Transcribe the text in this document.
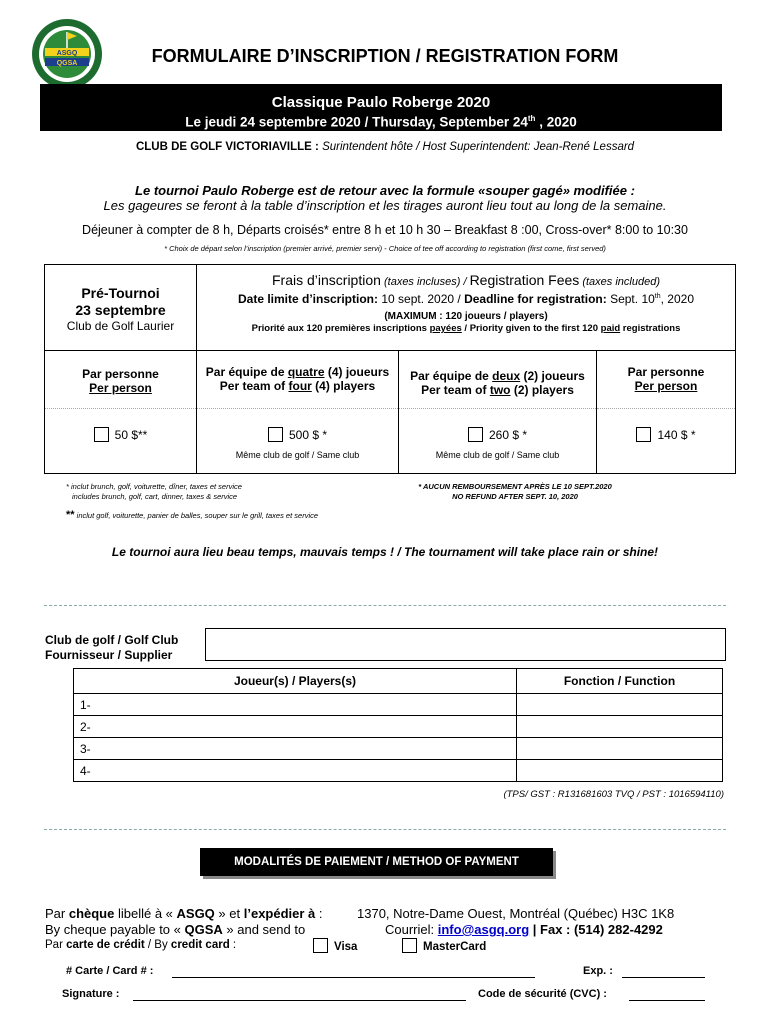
ASGQ
QGSA	FORMULAIRE D’INSCRIPTION / REGISTRATION FORM
Classique Paulo Roberge 2020
Le jeudi 24 septembre 2020 / Thursday, September 24th , 2020
CLUB DE GOLF VICTORIAVILLE : Surintendent hôte / Host Superintendent: Jean-René Lessard
Le tournoi Paulo Roberge est de retour avec la formule «souper gagé» modifiée :
Les gageures se feront à la table d’inscription et les tirages auront lieu tout au long de la semaine.
Déjeuner à compter de 8 h, Départs croisés* entre 8 h et 10 h 30 – Breakfast 8 :00, Cross-over* 8:00 to 10:30
* Choix de départ selon l’inscription (premier arrivé, premier servi) - Choice of tee off according to registration (first come, first served)
Pré-Tournoi
23 septembre
Club de Golf Laurier
Frais d’inscription (taxes incluses) / Registration Fees (taxes included)
Date limite d’inscription: 10 sept. 2020 / Deadline for registration: Sept. 10th, 2020
(MAXIMUM : 120 joueurs / players)
Priorité aux 120 premières inscriptions payées / Priority given to the first 120 paid registrations
Par personne
Per person
50 $**
Par équipe de quatre (4) joueurs
Per team of four (4) players
500 $ *
Même club de golf / Same club
Par équipe de deux (2) joueurs
Per team of two (2) players
260 $ *
Même club de golf / Same club
Par personne
Per person
140 $ *
* inclut brunch, golf, voiturette, dîner, taxes et service
includes brunch, golf, cart, dinner, taxes & service
* AUCUN REMBOURSEMENT APRÈS LE 10 SEPT.2020
NO REFUND AFTER SEPT. 10, 2020
** inclut golf, voiturette, panier de balles, souper sur le grill, taxes et service
Le tournoi aura lieu beau temps, mauvais temps ! / The tournament will take place rain or shine!
Club de golf / Golf Club
Fournisseur / Supplier
Joueur(s) / Players(s)	Fonction / Function
1-	
2-	
3-	
4-	
(TPS/ GST : R131681603 TVQ / PST : 1016594110)
MODALITÉS DE PAIEMENT / METHOD OF PAYMENT
Par chèque libellé à « ASGQ » et l’expédier à :	1370, Notre-Dame Ouest, Montréal (Québec) H3C 1K8
By cheque payable to « QGSA » and send to	Courriel: info@asgq.org | Fax : (514) 282-4292
Par carte de crédit / By credit card :	Visa	MasterCard
# Carte / Card # :	Exp. :
Signature :	Code de sécurité (CVC) :
